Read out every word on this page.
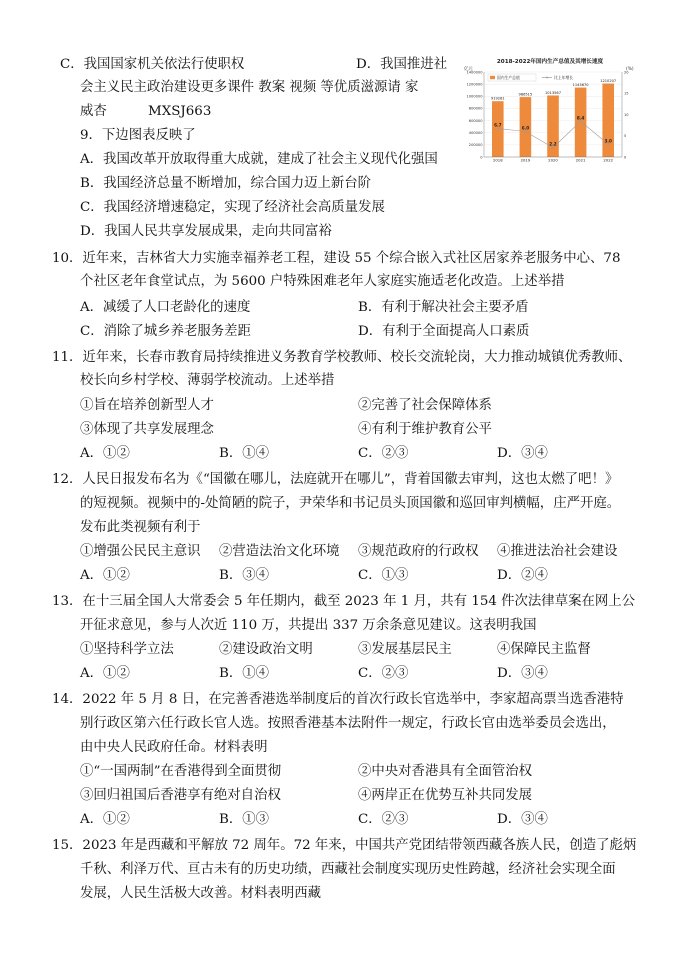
C．我国国家机关依法行使职权	D．我国推进社
会主义民主政治建设更多课件 教案 视频 等优质滋源请 家
威杏	MXSJ663
2018-2022年国内生产总值及其增长速度
亿元	(%)
919281
986515	1013567
1143670
1210207
6.7
6.0
2.2
8.4
3.0
0
200000
400000
600000
800000
1000000
1200000
1400000
0
5
10
15
20
2018	2019	2020	2021	2022
国内生产总值	比上年增长
9．下边图表反映了
A．我国改革开放取得重大成就，建成了社会主义现代化强国
B．我国经济总量不断增加，综合国力迈上新台阶
C．我国经济增速稳定，实现了经济社会高质量发展
D．我国人民共享发展成果，走向共同富裕
10．近年来，吉林省大力实施幸福养老工程，建设 55 个综合嵌入式社区居家养老服务中心、78
个社区老年食堂试点，为 5600 户特殊困难老年人家庭实施适老化改造。上述举措
A．减缓了人口老龄化的速度	B．有利于解决社会主要矛盾
C．消除了城乡养老服务差距	D．有利于全面提高人口素质
11．近年来，长春市教育局持续推进义务教育学校教师、校长交流轮岗，大力推动城镇优秀教师、
校长向乡村学校、薄弱学校流动。上述举措
①旨在培养创新型人才	②完善了社会保障体系
③体现了共享发展理念	④有利于维护教育公平
A．①②	B．①④	C．②③	D．③④
12．人民日报发布名为《“国徽在哪儿，法庭就开在哪儿”，背着国徽去审判，这也太燃了吧！》
的短视频。视频中的-处简陋的院子，尹荣华和书记员头顶国徽和巡回审判横幅，庄严开庭。
发布此类视频有利于
①增强公民民主意识 ②营造法治文化环境 ③规范政府的行政权 ④推进法治社会建设
A．①②	B．③④	C．①③	D．②④
13．在十三届全国人大常委会 5 年任期内，截至 2023 年 1 月，共有 154 件次法律草案在网上公
开征求意见，参与人次近 110 万，共提出 337 万余条意见建议。这表明我国
①坚持科学立法	②建设政治文明	③发展基层民主	④保障民主监督
A．①②	B．①④	C．②③	D．③④
14．2022 年 5 月 8 日，在完善香港选举制度后的首次行政长官选举中，李家超高票当选香港特
别行政区第六任行政长官人选。按照香港基本法附件一规定，行政长官由选举委员会选出，
由中央人民政府任命。材料表明
①“一国两制”在香港得到全面贯彻	②中央对香港具有全面管治权
③回归祖国后香港享有绝对自治权	④两岸正在优势互补共同发展
A．①②	B．①③	C．②③	D．③④
15．2023 年是西藏和平解放 72 周年。72 年来，中国共产党团结带领西藏各族人民，创造了彪炳
千秋、利泽万代、亘古未有的历史功绩，西藏社会制度实现历史性跨越，经济社会实现全面
发展，人民生活极大改善。材料表明西藏
